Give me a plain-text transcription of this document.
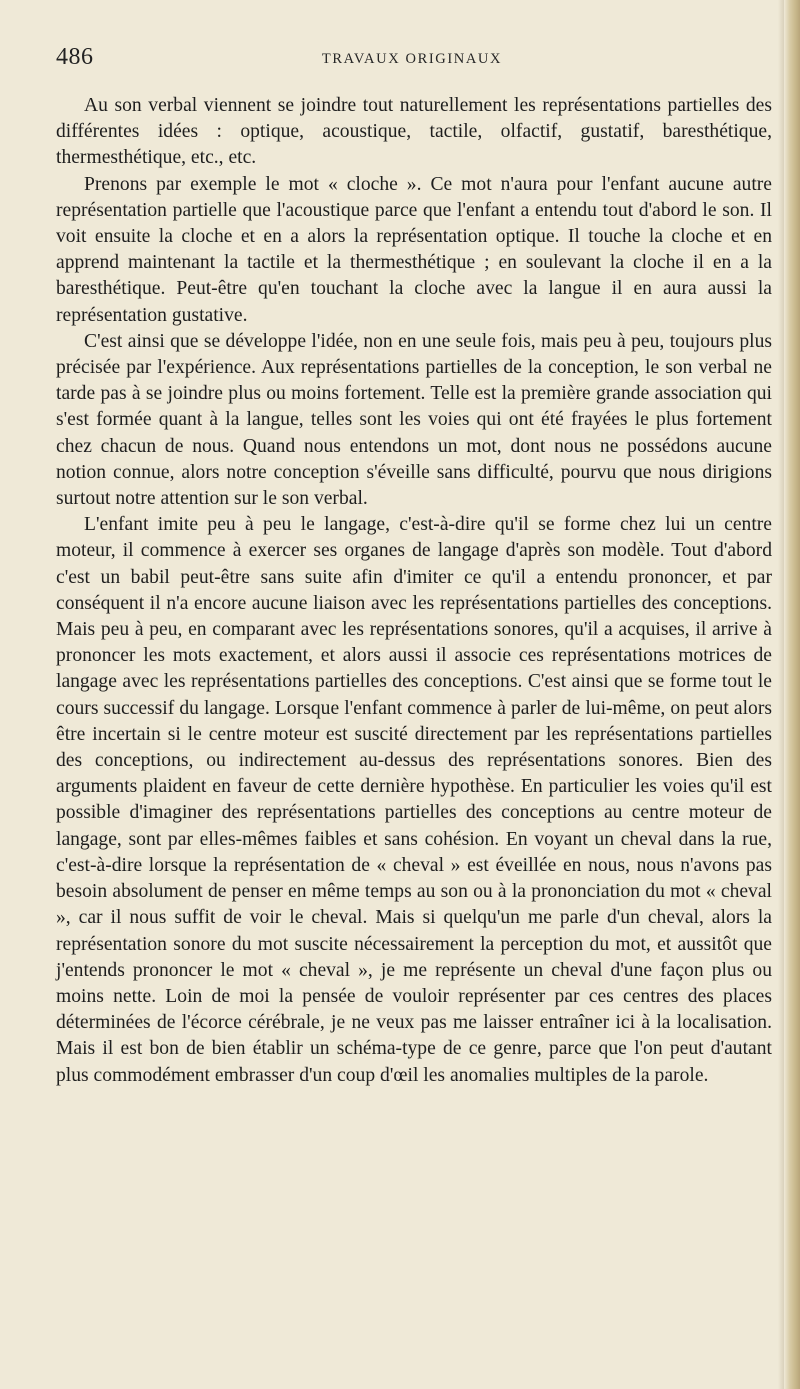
486	TRAVAUX ORIGINAUX

Au son verbal viennent se joindre tout naturellement les représentations partielles des différentes idées : optique, acoustique, tactile, olfactif, gustatif, baresthétique, thermesthétique, etc., etc.

Prenons par exemple le mot « cloche ». Ce mot n'aura pour l'enfant aucune autre représentation partielle que l'acoustique parce que l'enfant a entendu tout d'abord le son. Il voit ensuite la cloche et en a alors la représentation optique. Il touche la cloche et en apprend maintenant la tactile et la thermesthétique ; en soulevant la cloche il en a la baresthétique. Peut-être qu'en touchant la cloche avec la langue il en aura aussi la représentation gustative.

C'est ainsi que se développe l'idée, non en une seule fois, mais peu à peu, toujours plus précisée par l'expérience. Aux représentations partielles de la conception, le son verbal ne tarde pas à se joindre plus ou moins fortement. Telle est la première grande association qui s'est formée quant à la langue, telles sont les voies qui ont été frayées le plus fortement chez chacun de nous. Quand nous entendons un mot, dont nous ne possédons aucune notion connue, alors notre conception s'éveille sans difficulté, pourvu que nous dirigions surtout notre attention sur le son verbal.

L'enfant imite peu à peu le langage, c'est-à-dire qu'il se forme chez lui un centre moteur, il commence à exercer ses organes de langage d'après son modèle. Tout d'abord c'est un babil peut-être sans suite afin d'imiter ce qu'il a entendu prononcer, et par conséquent il n'a encore aucune liaison avec les représentations partielles des conceptions. Mais peu à peu, en comparant avec les représentations sonores, qu'il a acquises, il arrive à prononcer les mots exactement, et alors aussi il associe ces représentations motrices de langage avec les représentations partielles des conceptions. C'est ainsi que se forme tout le cours successif du langage. Lorsque l'enfant commence à parler de lui-même, on peut alors être incertain si le centre moteur est suscité directement par les représentations partielles des conceptions, ou indirectement au-dessus des représentations sonores. Bien des arguments plaident en faveur de cette dernière hypothèse. En particulier les voies qu'il est possible d'imaginer des représentations partielles des conceptions au centre moteur de langage, sont par elles-mêmes faibles et sans cohésion. En voyant un cheval dans la rue, c'est-à-dire lorsque la représentation de « cheval » est éveillée en nous, nous n'avons pas besoin absolument de penser en même temps au son ou à la prononciation du mot « cheval », car il nous suffit de voir le cheval. Mais si quelqu'un me parle d'un cheval, alors la représentation sonore du mot suscite nécessairement la perception du mot, et aussitôt que j'entends prononcer le mot « cheval », je me représente un cheval d'une façon plus ou moins nette. Loin de moi la pensée de vouloir représenter par ces centres des places déterminées de l'écorce cérébrale, je ne veux pas me laisser entraîner ici à la localisation. Mais il est bon de bien établir un schéma-type de ce genre, parce que l'on peut d'autant plus commodément embrasser d'un coup d'œil les anomalies multiples de la parole.
